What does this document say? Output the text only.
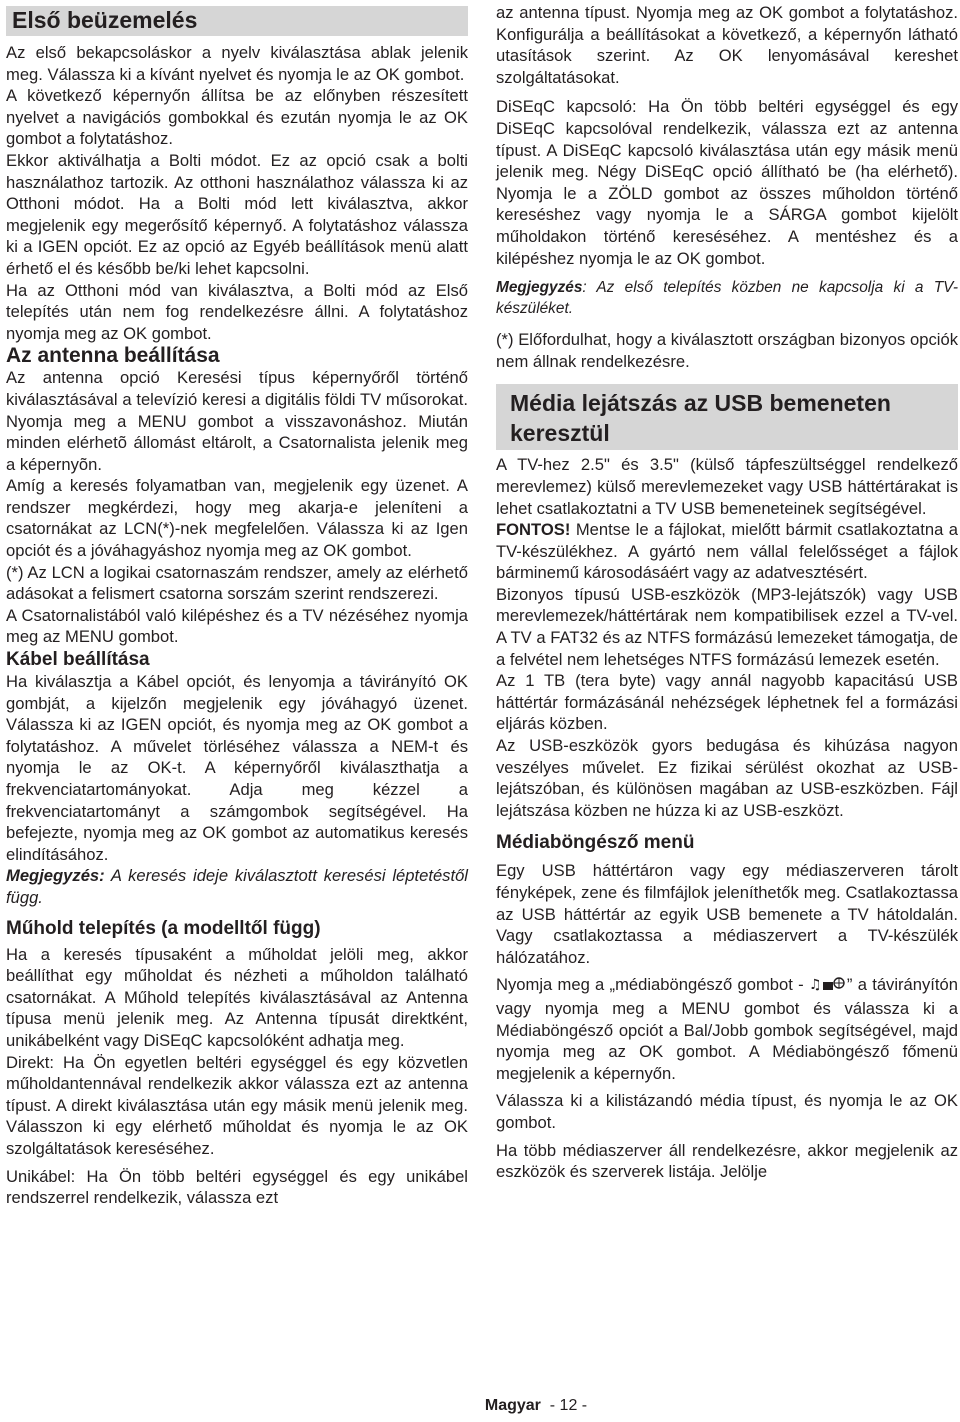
Első beüzemelés

Az első bekapcsoláskor a nyelv kiválasztása ablak jelenik meg. Válassza ki a kívánt nyelvet és nyomja le az OK gombot.

A következő képernyőn állítsa be az előnyben részesített nyelvet a navigációs gombokkal és ezután nyomja le az OK gombot a folytatáshoz.

Ekkor aktiválhatja a Bolti módot. Ez az opció csak a bolti használathoz tartozik. Az otthoni használathoz válassza ki az Otthoni módot. Ha a Bolti mód lett kiválasztva, akkor megjelenik egy megerősítő képernyő. A folytatáshoz válassza ki a IGEN opciót. Ez az opció az Egyéb beállítások menü alatt érhető el és később be/ki lehet kapcsolni.

Ha az Otthoni mód van kiválasztva, a Bolti mód az Első telepítés után nem fog rendelkezésre állni. A folytatáshoz nyomja meg az OK gombot.

Az antenna beállítása

Az antenna opció Keresési típus képernyőről történő kiválasztásával a televízió keresi a digitális földi TV műsorokat. Nyomja meg a MENU gombot a visszavonáshoz. Miután minden elérhetõ állomást eltárolt, a Csatornalista jelenik meg a képernyõn.

Amíg a keresés folyamatban van, megjelenik egy üzenet. A rendszer megkérdezi, hogy meg akarja-e jeleníteni a csatornákat az LCN(*)-nek megfelelően. Válassza ki az Igen opciót és a jóváhagyáshoz nyomja meg az OK gombot.

(*) Az LCN a logikai csatornaszám rendszer, amely az elérhető adásokat a felismert csatorna sorszám szerint rendszerezi.

A Csatornalistából való kilépéshez és a TV nézéséhez nyomja meg az MENU gombot.

Kábel beállítása

Ha kiválasztja a Kábel opciót, és lenyomja a távirányító OK gombját, a kijelzőn megjelenik egy jóváhagyó üzenet. Válassza ki az IGEN opciót, és nyomja meg az OK gombot a folytatáshoz. A művelet törléséhez válassza a NEM-t és nyomja le az OK-t. A képernyőről kiválaszthatja a frekvenciatartományokat. Adja meg kézzel a frekvenciatartományt a számgombok segítségével. Ha befejezte, nyomja meg az OK gombot az automatikus keresés elindításához.

Megjegyzés: A keresés ideje kiválasztott keresési léptetéstől függ.

Műhold telepítés (a modelltől függ)

Ha a keresés típusaként a műholdat jelöli meg, akkor beállíthat egy műholdat és nézheti a műholdon található csatornákat. A Műhold telepítés kiválasztásával az Antenna típusa menü jelenik meg. Az Antenna típusát direktként, unikábelként vagy DiSEqC kapcsolóként adhatja meg.

Direkt: Ha Ön egyetlen beltéri egységgel és egy közvetlen műholdantennával rendelkezik akkor válassza ezt az antenna típust. A direkt kiválasztása után egy másik menü jelenik meg. Válasszon ki egy elérhető műholdat és nyomja le az OK szolgáltatások kereséséhez.

Unikábel: Ha Ön több beltéri egységgel és egy unikábel rendszerrel rendelkezik, válassza ezt

az antenna típust. Nyomja meg az OK gombot a folytatáshoz. Konfigurálja a beállításokat a következő, a képernyőn látható utasítások szerint. Az OK lenyomásával kereshet szolgáltatásokat.

DiSEqC kapcsoló: Ha Ön több beltéri egységgel és egy DiSEqC kapcsolóval rendelkezik, válassza ezt az antenna típust. A DiSEqC kapcsoló kiválasztása után egy másik menü jelenik meg. Négy DiSEqC opció állítható be (ha elérhető). Nyomja le a ZÖLD gombot az összes műholdon történő kereséshez vagy nyomja le a SÁRGA gombot kijelölt műholdakon történő kereséséhez. A mentéshez és a kilépéshez nyomja le az OK gombot.

Megjegyzés: Az első telepítés közben ne kapcsolja ki a TV-készüléket.

(*) Előfordulhat, hogy a kiválasztott országban bizonyos opciók nem állnak rendelkezésre.

Média lejátszás az USB bemeneten keresztül

A TV-hez 2.5" és 3.5" (külső tápfeszültséggel rendelkező merevlemez) külső merevlemezeket vagy USB háttértárakat is lehet csatlakoztatni a TV USB bemeneteinek segítségével.

FONTOS! Mentse le a fájlokat, mielőtt bármit csatlakoztatna a TV-készülékhez. A gyártó nem vállal felelősséget a fájlok bárminemű károsodásáért vagy az adatvesztésért.

Bizonyos típusú USB-eszközök (MP3-lejátszók) vagy USB merevlemezek/háttértárak nem kompatibilisek ezzel a TV-vel. A TV a FAT32 és az NTFS formázású lemezeket támogatja, de a felvétel nem lehetséges NTFS formázású lemezek esetén.

Az 1 TB (tera byte) vagy annál nagyobb kapacitású USB háttértár formázásánál nehézségek léphetnek fel a formázási eljárás közben.

Az USB-eszközök gyors bedugása és kihúzása nagyon veszélyes művelet. Ez fizikai sérülést okozhat az USB-lejátszóban, és különösen magában az USB-eszközben. Fájl lejátszása közben ne húzza ki az USB-eszközt.

Médiaböngésző menü

Egy USB háttértáron vagy egy médiaszerveren tárolt fényképek, zene és filmfájlok jeleníthetők meg. Csatlakoztassa az USB háttértár az egyik USB bemenete a TV hátoldalán. Vagy csatlakoztassa a médiaszervert a TV-készülék hálózatához.

Nyomja meg a „médiaböngésző gombot - ♫ ” a távirányítón vagy nyomja meg a MENU gombot és válassza ki a Médiaböngésző opciót a Bal/Jobb gombok segítségével, majd nyomja meg az OK gombot. A Médiaböngésző főmenü megjelenik a képernyőn.

Válassza ki a kilistázandó média típust, és nyomja le az OK gombot.

Ha több médiaszerver áll rendelkezésre, akkor megjelenik az eszközök és szerverek listája. Jelölje

Magyar - 12 -
